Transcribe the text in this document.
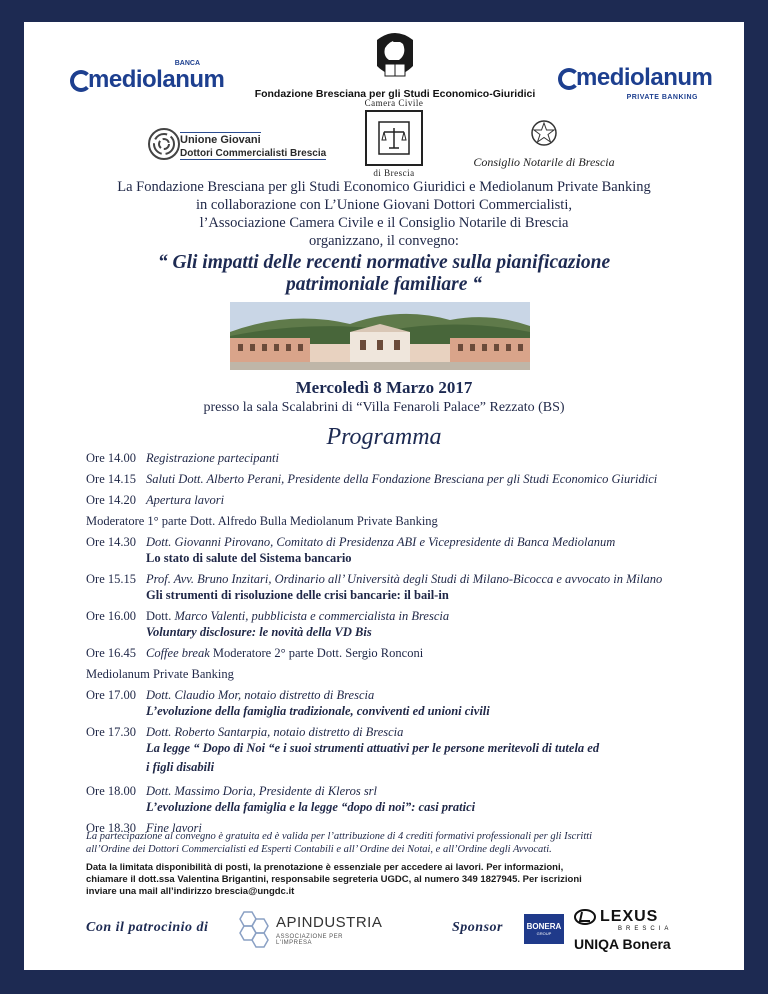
BANCA
mediolanum
Fondazione Bresciana per gli Studi Economico-Giuridici
mediolanum
PRIVATE BANKING
Camera Civile
di Brescia
Unione Giovani
Dottori Commercialisti Brescia
Consiglio Notarile di Brescia
La Fondazione Bresciana per gli Studi Economico Giuridici e Mediolanum Private Banking
in collaborazione con L’Unione Giovani Dottori Commercialisti,
l’Associazione Camera Civile e il Consiglio Notarile di Brescia
organizzano, il convegno:
“ Gli impatti delle recenti normative sulla pianificazione
patrimoniale familiare “
Mercoledì 8 Marzo 2017
presso la sala Scalabrini di “Villa Fenaroli Palace” Rezzato (BS)
Programma
Ore 14.00 Registrazione partecipanti
Ore 14.15 Saluti Dott. Alberto Perani, Presidente della Fondazione Bresciana per gli Studi Economico Giuridici
Ore 14.20 Apertura lavori
Moderatore 1° parte Dott. Alfredo Bulla Mediolanum Private Banking
Ore 14.30 Dott. Giovanni Pirovano, Comitato di Presidenza ABI e Vicepresidente di Banca Mediolanum
Lo stato di salute del Sistema bancario
Ore 15.15 Prof. Avv. Bruno Inzitari, Ordinario all’ Università degli Studi di Milano-Bicocca e avvocato in Milano
Gli strumenti di risoluzione delle crisi bancarie: il bail-in
Ore 16.00 Dott. Marco Valenti, pubblicista e commercialista in Brescia
Voluntary disclosure: le novità della VD Bis
Ore 16.45 Coffee break Moderatore 2° parte Dott. Sergio Ronconi
Mediolanum Private Banking
Ore 17.00 Dott. Claudio Mor, notaio distretto di Brescia
L’evoluzione della famiglia tradizionale, conviventi ed unioni civili
Ore 17.30 Dott. Roberto Santarpia, notaio distretto di Brescia
La legge “ Dopo di Noi “e i suoi strumenti attuativi per le persone meritevoli di tutela ed
i figli disabili
Ore 18.00 Dott. Massimo Doria, Presidente di Kleros srl
L’evoluzione della famiglia e la legge “dopo di noi”: casi pratici
Ore 18.30 Fine lavori
La partecipazione al convegno è gratuita ed è valida per l’attribuzione di 4 crediti formativi professionali per gli Iscritti
all’Ordine dei Dottori Commercialisti ed Esperti Contabili e all’ Ordine dei Notai, e all’Ordine degli Avvocati.
Data la limitata disponibilità di posti, la prenotazione è essenziale per accedere ai lavori. Per informazioni,
chiamare il dott.ssa Valentina Brigantini, responsabile segreteria UGDC, al numero 349 1827945. Per iscrizioni
inviare una mail all’indirizzo brescia@ungdc.it
Con il patrocinio di	APINDUSTRIA
ASSOCIAZIONE PER L'IMPRESA
Sponsor	BONERA
GROUP
LEXUS
BRESCIA
UNIQA Bonera
